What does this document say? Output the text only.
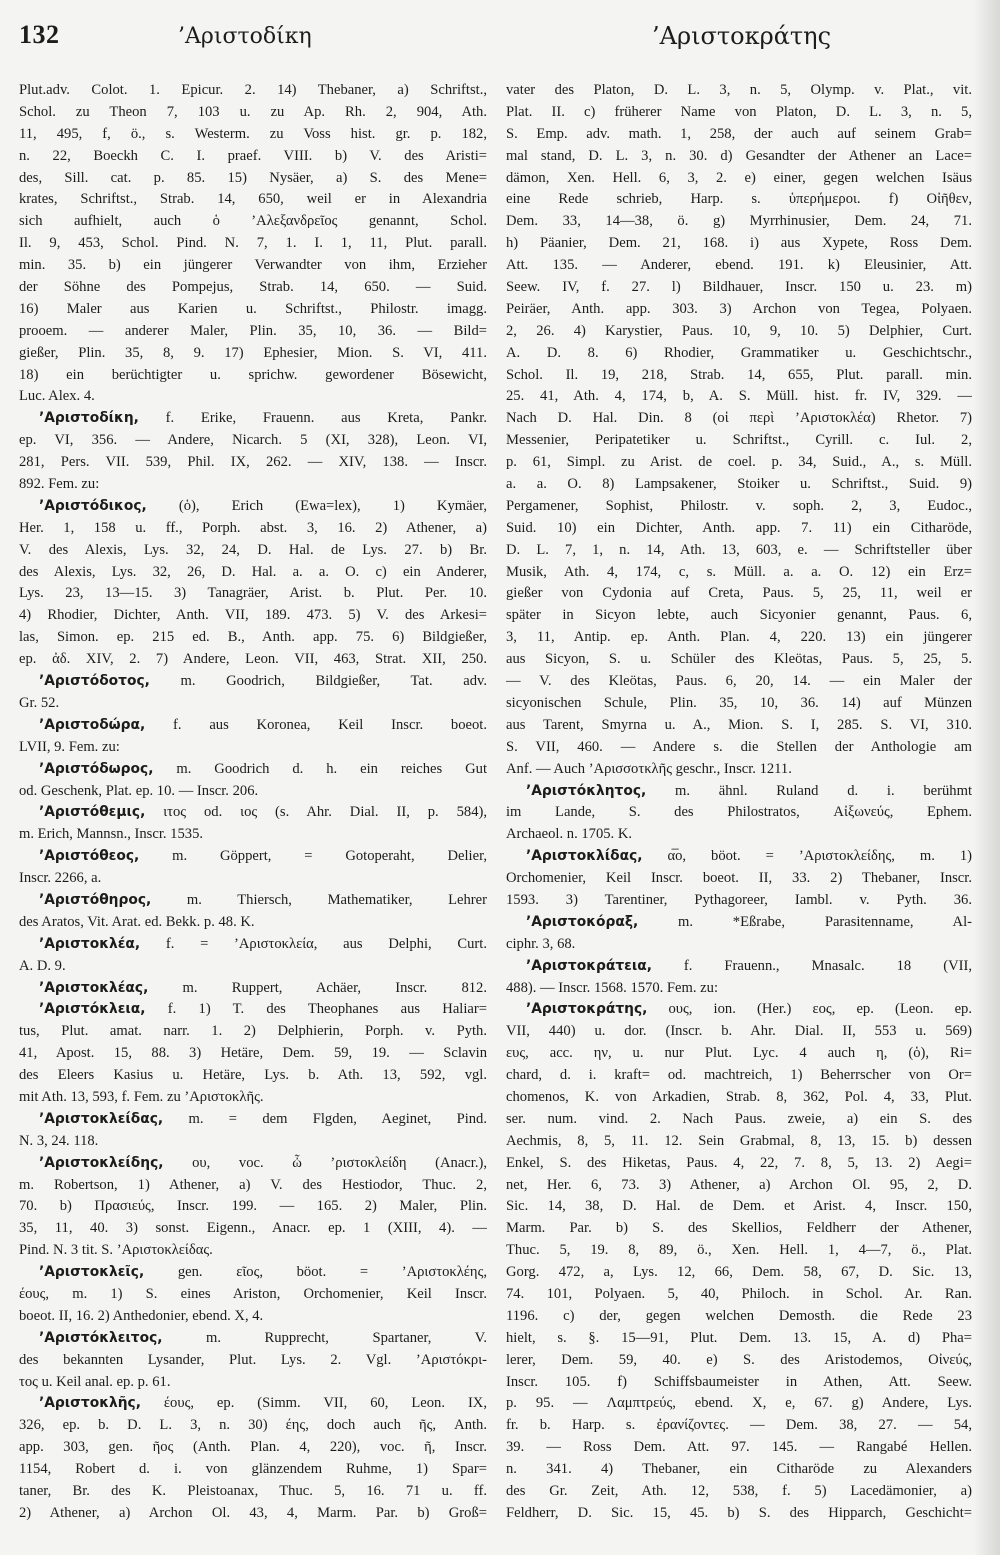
132	’Αριστοδίκη	’Αριστοκράτης
Plut.adv. Colot. 1. Epicur. 2. 14) Thebaner, a) Schriftst.,
Schol. zu Theon 7, 103 u. zu Ap. Rh. 2, 904, Ath.
11, 495, f, ö., s. Westerm. zu Voss hist. gr. p. 182,
n. 22, Boeckh C. I. praef. VIII. b) V. des Aristi=
des, Sill. cat. p. 85. 15) Nysäer, a) S. des Mene=
krates, Schriftst., Strab. 14, 650, weil er in Alexandria
sich aufhielt, auch ὁ ’Αλεξανδρεῖος genannt, Schol.
Il. 9, 453, Schol. Pind. N. 7, 1. I. 1, 11, Plut. parall.
min. 35. b) ein jüngerer Verwandter von ihm, Erzieher
der Söhne des Pompejus, Strab. 14, 650. — Suid.
16) Maler aus Karien u. Schriftst., Philostr. imagg.
prooem. — anderer Maler, Plin. 35, 10, 36. — Bild=
gießer, Plin. 35, 8, 9. 17) Ephesier, Mion. S. VI, 411.
18) ein berüchtigter u. sprichw. gewordener Bösewicht,
Luc. Alex. 4.
’Αριστοδίκη, f. Erike, Frauenn. aus Kreta, Pankr.
ep. VI, 356. — Andere, Nicarch. 5 (XI, 328), Leon. VI,
281, Pers. VII. 539, Phil. IX, 262. — XIV, 138. — Inscr.
892. Fem. zu:
’Αριστόδικος, (ὁ), Erich (Ewa=lex), 1) Kymäer,
Her. 1, 158 u. ff., Porph. abst. 3, 16. 2) Athener, a)
V. des Alexis, Lys. 32, 24, D. Hal. de Lys. 27. b) Br.
des Alexis, Lys. 32, 26, D. Hal. a. a. O. c) ein Anderer,
Lys. 23, 13—15. 3) Tanagräer, Arist. b. Plut. Per. 10.
4) Rhodier, Dichter, Anth. VII, 189. 473. 5) V. des Arkesi=
las, Simon. ep. 215 ed. B., Anth. app. 75. 6) Bildgießer,
ep. ἀδ. XIV, 2. 7) Andere, Leon. VII, 463, Strat. XII, 250.
’Αριστόδοτος, m. Goodrich, Bildgießer, Tat. adv.
Gr. 52.
’Αριστοδώρα, f. aus Koronea, Keil Inscr. boeot.
LVII, 9. Fem. zu:
’Αριστόδωρος, m. Goodrich d. h. ein reiches Gut
od. Geschenk, Plat. ep. 10. — Inscr. 206.
’Αριστόθεμις, ιτος od. ιος (s. Ahr. Dial. II, p. 584),
m. Erich, Mannsn., Inscr. 1535.
’Αριστόθεος, m. Göppert, = Gotoperaht, Delier,
Inscr. 2266, a.
’Αριστόθηρος, m. Thiersch, Mathematiker, Lehrer
des Aratos, Vit. Arat. ed. Bekk. p. 48. K.
’Αριστοκλέα, f. = ’Αριστοκλεία, aus Delphi, Curt.
A. D. 9.
’Αριστοκλέας, m. Ruppert, Achäer, Inscr. 812.
’Αριστόκλεια, f. 1) T. des Theophanes aus Haliar=
tus, Plut. amat. narr. 1. 2) Delphierin, Porph. v. Pyth.
41, Apost. 15, 88. 3) Hetäre, Dem. 59, 19. — Sclavin
des Eleers Kasius u. Hetäre, Lys. b. Ath. 13, 592, vgl.
mit Ath. 13, 593, f. Fem. zu ’Αριστοκλῆς.
’Αριστοκλείδας, m. = dem Flgden, Aeginet, Pind.
N. 3, 24. 118.
’Αριστοκλείδης, ου, voc. ὦ ’ριστοκλείδη (Anacr.),
m. Robertson, 1) Athener, a) V. des Hestiodor, Thuc. 2,
70. b) Πρασιεύς, Inscr. 199. — 165. 2) Maler, Plin.
35, 11, 40. 3) sonst. Eigenn., Anacr. ep. 1 (XIII, 4). —
Pind. N. 3 tit. S. ’Αριστοκλείδας.
’Αριστοκλεῖς, gen. εῖος, böot. = ’Αριστοκλέης,
έους, m. 1) S. eines Ariston, Orchomenier, Keil Inscr.
boeot. II, 16. 2) Anthedonier, ebend. X, 4.
’Αριστόκλειτος, m. Rupprecht, Spartaner, V.
des bekannten Lysander, Plut. Lys. 2. Vgl. ’Αριστόκρι-
τος u. Keil anal. ep. p. 61.
’Αριστοκλῆς, έους, ep. (Simm. VII, 60, Leon. IX,
326, ep. b. D. L. 3, n. 30) έης, doch auch ῆς, Anth.
app. 303, gen. ῆος (Anth. Plan. 4, 220), voc. ῆ, Inscr.
1154, Robert d. i. von glänzendem Ruhme, 1) Spar=
taner, Br. des K. Pleistoanax, Thuc. 5, 16. 71 u. ff.
2) Athener, a) Archon Ol. 43, 4, Marm. Par. b) Groß=
vater des Platon, D. L. 3, n. 5, Olymp. v. Plat., vit.
Plat. II. c) früherer Name von Platon, D. L. 3, n. 5,
S. Emp. adv. math. 1, 258, der auch auf seinem Grab=
mal stand, D. L. 3, n. 30. d) Gesandter der Athener an Lace=
dämon, Xen. Hell. 6, 3, 2. e) einer, gegen welchen Isäus
eine Rede schrieb, Harp. s. ὑπερήμεροι. f) Οἰῆθεν,
Dem. 33, 14—38, ö. g) Myrrhinusier, Dem. 24, 71.
h) Päanier, Dem. 21, 168. i) aus Xypete, Ross Dem.
Att. 135. — Anderer, ebend. 191. k) Eleusinier, Att.
Seew. IV, f. 27. l) Bildhauer, Inscr. 150 u. 23. m)
Peiräer, Anth. app. 303. 3) Archon von Tegea, Polyaen.
2, 26. 4) Karystier, Paus. 10, 9, 10. 5) Delphier, Curt.
A. D. 8. 6) Rhodier, Grammatiker u. Geschichtschr.,
Schol. Il. 19, 218, Strab. 14, 655, Plut. parall. min.
25. 41, Ath. 4, 174, b, A. S. Müll. hist. fr. IV, 329. —
Nach D. Hal. Din. 8 (οἱ περὶ ’Αριστοκλέα) Rhetor. 7)
Messenier, Peripatetiker u. Schriftst., Cyrill. c. Iul. 2,
p. 61, Simpl. zu Arist. de coel. p. 34, Suid., A., s. Müll.
a. a. O. 8) Lampsakener, Stoiker u. Schriftst., Suid. 9)
Pergamener, Sophist, Philostr. v. soph. 2, 3, Eudoc.,
Suid. 10) ein Dichter, Anth. app. 7. 11) ein Citharöde,
D. L. 7, 1, n. 14, Ath. 13, 603, e. — Schriftsteller über
Musik, Ath. 4, 174, c, s. Müll. a. a. O. 12) ein Erz=
gießer von Cydonia auf Creta, Paus. 5, 25, 11, weil er
später in Sicyon lebte, auch Sicyonier genannt, Paus. 6,
3, 11, Antip. ep. Anth. Plan. 4, 220. 13) ein jüngerer
aus Sicyon, S. u. Schüler des Kleötas, Paus. 5, 25, 5.
— V. des Kleötas, Paus. 6, 20, 14. — ein Maler der
sicyonischen Schule, Plin. 35, 10, 36. 14) auf Münzen
aus Tarent, Smyrna u. A., Mion. S. I, 285. S. VI, 310.
S. VII, 460. — Andere s. die Stellen der Anthologie am
Anf. — Auch ’Αρισσοτκλῆς geschr., Inscr. 1211.
’Αριστόκλητος, m. ähnl. Ruland d. i. berühmt
im Lande, S. des Philostratos, Αἰξωνεύς, Ephem.
Archaeol. n. 1705. K.
’Αριστοκλίδας, α̅ο, böot. = ’Αριστοκλείδης, m. 1)
Orchomenier, Keil Inscr. boeot. II, 33. 2) Thebaner, Inscr.
1593. 3) Tarentiner, Pythagoreer, Iambl. v. Pyth. 36.
’Αριστοκόραξ, m. *Eßrabe, Parasitenname, Al-
ciphr. 3, 68.
’Αριστοκράτεια, f. Frauenn., Mnasalc. 18 (VII,
488). — Inscr. 1568. 1570. Fem. zu:
’Αριστοκράτης, ους, ion. (Her.) εος, ep. (Leon. ep.
VII, 440) u. dor. (Inscr. b. Ahr. Dial. II, 553 u. 569)
ευς, acc. ην, u. nur Plut. Lyc. 4 auch η, (ὁ), Ri=
chard, d. i. kraft= od. machtreich, 1) Beherrscher von Or=
chomenos, K. von Arkadien, Strab. 8, 362, Pol. 4, 33, Plut.
ser. num. vind. 2. Nach Paus. zweie, a) ein S. des
Aechmis, 8, 5, 11. 12. Sein Grabmal, 8, 13, 15. b) dessen
Enkel, S. des Hiketas, Paus. 4, 22, 7. 8, 5, 13. 2) Aegi=
net, Her. 6, 73. 3) Athener, a) Archon Ol. 95, 2, D.
Sic. 14, 38, D. Hal. de Dem. et Arist. 4, Inscr. 150,
Marm. Par. b) S. des Skellios, Feldherr der Athener,
Thuc. 5, 19. 8, 89, ö., Xen. Hell. 1, 4—7, ö., Plat.
Gorg. 472, a, Lys. 12, 66, Dem. 58, 67, D. Sic. 13,
74. 101, Polyaen. 5, 40, Philoch. in Schol. Ar. Ran.
1196. c) der, gegen welchen Demosth. die Rede 23
hielt, s. §. 15—91, Plut. Dem. 13. 15, A. d) Pha=
lerer, Dem. 59, 40. e) S. des Aristodemos, Οἰνεύς,
Inscr. 105. f) Schiffsbaumeister in Athen, Att. Seew.
p. 95. — Λαμπτρεύς, ebend. X, e, 67. g) Andere, Lys.
fr. b. Harp. s. ἐρανίζοντες. — Dem. 38, 27. — 54,
39. — Ross Dem. Att. 97. 145. — Rangabé Hellen.
n. 341. 4) Thebaner, ein Citharöde zu Alexanders
des Gr. Zeit, Ath. 12, 538, f. 5) Lacedämonier, a)
Feldherr, D. Sic. 15, 45. b) S. des Hipparch, Geschicht=
